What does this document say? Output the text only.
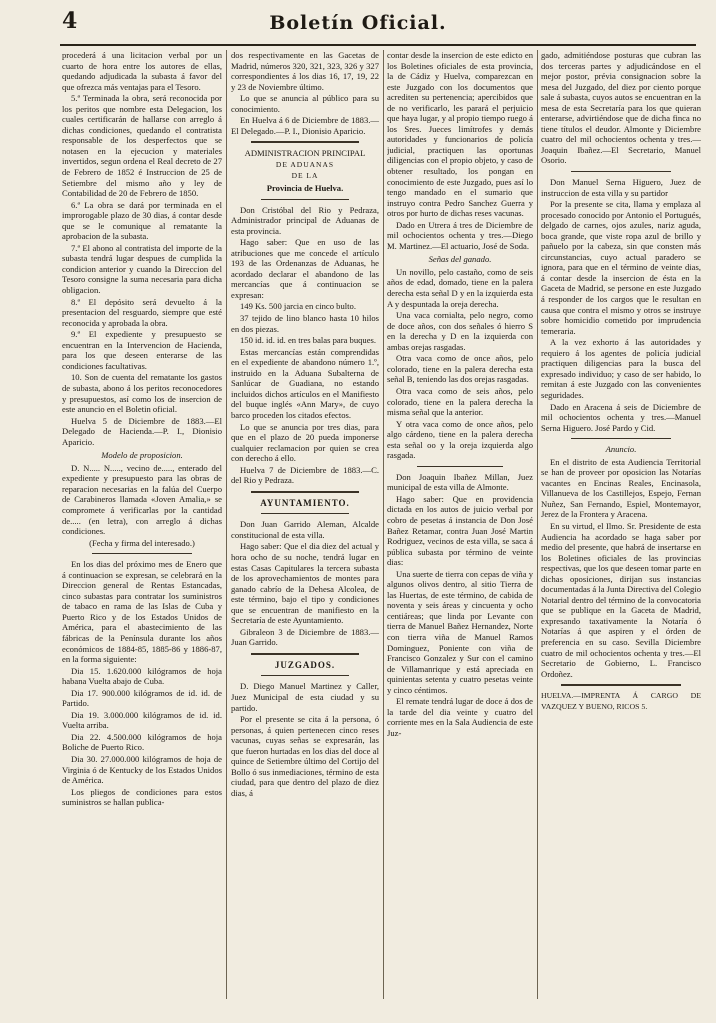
4	Boletín Oficial.

procederá á una licitacion verbal por un cuarto de hora entre los autores de ellas, quedando adjudicada la subasta á favor del que ofrezca más ventajas para el Tesoro.

5.ª Terminada la obra, será reconocida por los peritos que nombre esta Delegacion, los cuales certificarán de hallarse con arreglo á dichas condiciones, quedando el contratista responsable de los desperfectos que se notasen en la ejecucion y materiales invertidos, segun ordena el Real decreto de 27 de Febrero de 1852 é Instruccion de 25 de Setiembre del mismo año y ley de Contabilidad de 20 de Febrero de 1850.

6.ª La obra se dará por terminada en el improrogable plazo de 30 dias, á contar desde que se le comunique al rematante la aprobacion de la subasta.

7.ª El abono al contratista del importe de la subasta tendrá lugar despues de cumplida la condicion anterior y cuando la Direccion del Tesoro consigne la suma necesaria para dicha obligacion.

8.ª El depósito será devuelto á la presentacion del resguardo, siempre que esté reconocida y aprobada la obra.

9.ª El expediente y presupuesto se encuentran en la Intervencion de Hacienda, para los que deseen enterarse de las condiciones facultativas.

10. Son de cuenta del rematante los gastos de subasta, abono á los peritos reconocedores y presupuestos, así como los de insercion de este anuncio en el Boletin oficial.

Huelva 5 de Diciembre de 1883.—El Delegado de Hacienda.—P. I., Dionisio Aparicio.

Modelo de proposicion.

D. N..... N....., vecino de....., enterado del expediente y presupuesto para las obras de reparacion necesarias en la falúa del Cuerpo de Carabineros llamada «Joven Amalia,» se compromete á verificarlas por la cantidad de..... (en letra), con arreglo á dichas condiciones.

(Fecha y firma del interesado.)

En los dias del próximo mes de Enero que á continuacion se expresan, se celebrará en la Direccion general de Rentas Estancadas, cinco subastas para contratar los suministros de tabaco en rama de las Islas de Cuba y Puerto Rico y de los Estados Unidos de América, para el abastecimiento de las fábricas de la Península durante los años económicos de 1884-85, 1885-86 y 1886-87, en la forma siguiente:

Dia 15. 1.620.000 kilógramos de hoja habana Vuelta abajo de Cuba.

Dia 17. 900.000 kilógramos de id. id. de Partido.

Dia 19. 3.000.000 kilógramos de id. id. Vuelta arriba.

Dia 22. 4.500.000 kilógramos de hoja Boliche de Puerto Rico.

Dia 30. 27.000.000 kilógramos de hoja de Virginia ó de Kentucky de los Estados Unidos de América.

Los pliegos de condiciones para estos suministros se hallan publica-

dos respectivamente en las Gacetas de Madrid, números 320, 321, 323, 326 y 327 correspondientes á los dias 16, 17, 19, 22 y 23 de Noviembre último.

Lo que se anuncia al público para su conocimiento.

En Huelva á 6 de Diciembre de 1883.—El Delegado.—P. I., Dionisio Aparicio.

ADMINISTRACION PRINCIPAL

DE ADUANAS

DE LA

Provincia de Huelva.

Don Cristóbal del Rio y Pedraza, Administrador principal de Aduanas de esta provincia.

Hago saber: Que en uso de las atribuciones que me concede el artículo 193 de las Ordenanzas de Aduanas, he acordado declarar el abandono de las mercancías que á continuacion se expresan:

149 Ks. 500 jarcia en cinco bulto.

37 tejido de lino blanco hasta 10 hilos en dos piezas.

150 id. id. id. en tres balas para buques.

Estas mercancías están comprendidas en el expediente de abandono número 1.º, instruido en la Aduana Subalterna de Sanlúcar de Guadiana, no estando incluidos dichos artículos en el Manifiesto del buque inglés «Ann Mary», de cuyo barco proceden los citados efectos.

Lo que se anuncia por tres dias, para que en el plazo de 20 pueda imponerse cualquier reclamacion por quien se crea con derecho á ello.

Huelva 7 de Diciembre de 1883.—C. del Rio y Pedraza.

AYUNTAMIENTO.

Don Juan Garrido Aleman, Alcalde constitucional de esta villa.

Hago saber: Que el dia diez del actual y hora ocho de su noche, tendrá lugar en estas Casas Capitulares la tercera subasta de los aprovechamientos de montes para ganado cabrío de la Dehesa Alcolea, de este término, bajo el tipo y condiciones que se encuentran de manifiesto en la Secretaría de este Ayuntamiento.

Gibraleon 3 de Diciembre de 1883.—Juan Garrido.

JUZGADOS.

D. Diego Manuel Martinez y Caller, Juez Municipal de esta ciudad y su partido.

Por el presente se cita á la persona, ó personas, á quien pertenecen cinco reses vacunas, cuyas señas se expresarán, las que fueron hurtadas en los dias del doce al quince de Setiembre último del Cortijo del Bollo ó sus inmediaciones, término de esta ciudad, para que dentro del plazo de diez dias, á

contar desde la insercion de este edicto en los Boletines oficiales de esta provincia, la de Cádiz y Huelva, comparezcan en este Juzgado con los documentos que acrediten su pertenencia; apercibidos que de no verificarlo, les parará el perjuicio que haya lugar, y al propio tiempo ruego á los Sres. Jueces limítrofes y demás autoridades y funcionarios de policía judicial, practiquen las oportunas diligencias con el propio objeto, y caso de obtener resultado, los pongan en conocimiento de este Juzgado, pues así lo tengo mandado en el sumario que instruyo contra Pedro Sanchez Guerra y otros por hurto de dichas reses vacunas.

Dado en Utrera á tres de Diciembre de mil ochocientos ochenta y tres.—Diego M. Martinez.—El actuario, José de Soda.

Señas del ganado.

Un novillo, pelo castaño, como de seis años de edad, domado, tiene en la palera derecha esta señal D y en la izquierda esta A y despuntada la oreja derecha.

Una vaca cornialta, pelo negro, como de doce años, con dos señales ó hierro S en la derecha y D en la izquierda con ambas orejas rasgadas.

Otra vaca como de once años, pelo colorado, tiene en la palera derecha esta señal B, teniendo las dos orejas rasgadas.

Otra vaca como de seis años, pelo colorado, tiene en la palera derecha la misma señal que la anterior.

Y otra vaca como de once años, pelo algo cárdeno, tiene en la palera derecha esta señal oo y la oreja izquierda algo rasgada.

Don Joaquin Ibañez Millan, Juez municipal de esta villa de Almonte.

Hago saber: Que en providencia dictada en los autos de juicio verbal por cobro de pesetas á instancia de Don José Bañez Retamar, contra Juan José Martin Rodriguez, vecinos de esta villa, se saca á pública subasta por término de veinte dias:

Una suerte de tierra con cepas de viña y algunos olivos dentro, al sitio Tierra de las Huertas, de este término, de cabida de noventa y seis áreas y cincuenta y ocho centiáreas; que linda por Levante con tierra de Manuel Bañez Hernandez, Norte con tierra viña de Manuel Ramos Dominguez, Poniente con viña de Francisco Gonzalez y Sur con el camino de Villamanrique y está apreciada en quinientas setenta y cuatro pesetas veinte y cinco céntimos.

El remate tendrá lugar de doce á dos de la tarde del dia veinte y cuatro del corriente mes en la Sala Audiencia de este Juz-

gado, admitiéndose posturas que cubran las dos terceras partes y adjudicándose en el mejor postor, prévia consignacion sobre la mesa del Juzgado, del diez por ciento porque sale á subasta, cuyos autos se encuentran en la mesa de esta Secretaría para los que quieran enterarse, advirtiéndose que de dicha finca no tiene títulos el deudor. Almonte y Diciembre cuatro del mil ochocientos ochenta y tres.—Joaquin Ibañez.—El Secretario, Manuel Osorio.

Don Manuel Serna Higuero, Juez de instruccion de esta villa y su partidor

Por la presente se cita, llama y emplaza al procesado conocido por Antonio el Portugués, delgado de carnes, ojos azules, nariz aguda, boca grande, que viste ropa azul de brillo y pañuelo por la cabeza, sin que consten más circunstancias, cuyo actual paradero se ignora, para que en el término de veinte dias, á contar desde la insercion de ésta en la Gaceta de Madrid, se persone en este Juzgado á responder de los cargos que le resultan en causa que contra el mismo y otros se instruye sobre homicidio cometido por imprudencia temeraria.

A la vez exhorto á las autoridades y requiero á los agentes de policía judicial practiquen diligencias para la busca del expresado individuo; y caso de ser habido, lo remitan á este Juzgado con las convenientes seguridades.

Dado en Aracena á seis de Diciembre de mil ochocientos ochenta y tres.—Manuel Serna Higuero. José Pardo y Cid.

Anuncio.

En el distrito de esta Audiencia Territorial se han de proveer por oposicion las Notarías vacantes en Encinas Reales, Encinasola, Villanueva de los Castillejos, Espejo, Fernan Nuñez, San Fernando, Espiel, Montemayor, Jerez de la Frontera y Aracena.

En su virtud, el Ilmo. Sr. Presidente de esta Audiencia ha acordado se haga saber por medio del presente, que habrá de insertarse en los Boletines oficiales de las provincias respectivas, que los que deseen tomar parte en dichas oposiciones, dirijan sus instancias documentadas á la Junta Directiva del Colegio Notarial dentro del término de la convocatoria que se publique en la Gaceta de Madrid, expresando taxativamente la Notaría ó Notarías á que aspiren y el órden de preferencia en su caso. Sevilla Diciembre cuatro de mil ochocientos ochenta y tres.—El Secretario de Gobierno, L. Francisco Ordoñez.

HUELVA.—IMPRENTA Á CARGO DE VAZQUEZ Y BUENO, RICOS 5.
